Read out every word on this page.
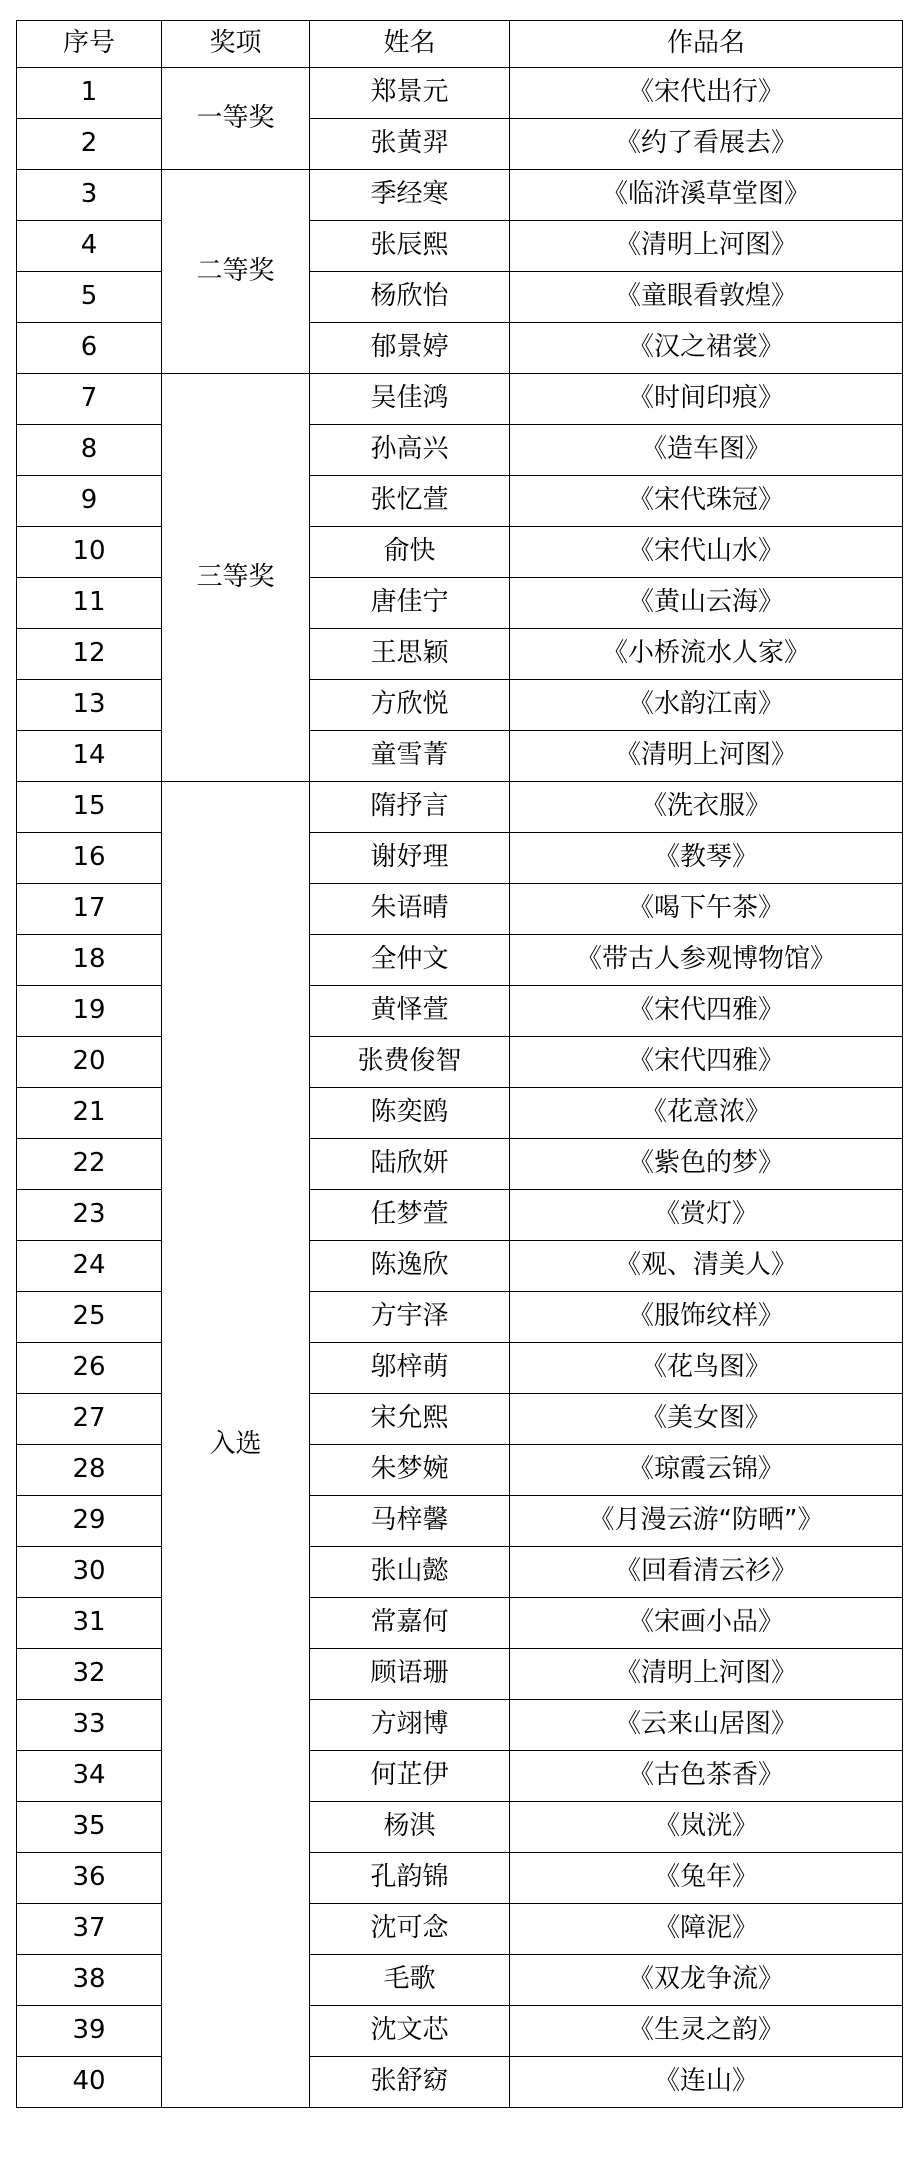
序号	奖项	姓名	作品名
1	一等奖	郑景元	《宋代出行》
2		张黄羿	《约了看展去》
3	二等奖	季经寒	《临浒溪草堂图》
4		张辰熙	《清明上河图》
5		杨欣怡	《童眼看敦煌》
6		郁景婷	《汉之裙裳》
7	三等奖	吴佳鸿	《时间印痕》
8		孙高兴	《造车图》
9		张忆萱	《宋代珠冠》
10		俞快	《宋代山水》
11		唐佳宁	《黄山云海》
12		王思颖	《小桥流水人家》
13		方欣悦	《水韵江南》
14		童雪菁	《清明上河图》
15	入选	隋抒言	《洗衣服》
16		谢妤理	《教琴》
17		朱语晴	《喝下午茶》
18		全仲文	《带古人参观博物馆》
19		黄怿萱	《宋代四雅》
20		张费俊智	《宋代四雅》
21		陈奕鸥	《花意浓》
22		陆欣妍	《紫色的梦》
23		任梦萱	《赏灯》
24		陈逸欣	《观、清美人》
25		方宇泽	《服饰纹样》
26		邬梓萌	《花鸟图》
27		宋允熙	《美女图》
28		朱梦婉	《琼霞云锦》
29		马梓馨	《月漫云游“防晒”》
30		张山懿	《回看清云衫》
31		常嘉何	《宋画小品》
32		顾语珊	《清明上河图》
33		方翊博	《云来山居图》
34		何芷伊	《古色茶香》
35		杨淇	《岚洸》
36		孔韵锦	《兔年》
37		沈可念	《障泥》
38		毛歌	《双龙争流》
39		沈文芯	《生灵之韵》
40		张舒窈	《连山》
